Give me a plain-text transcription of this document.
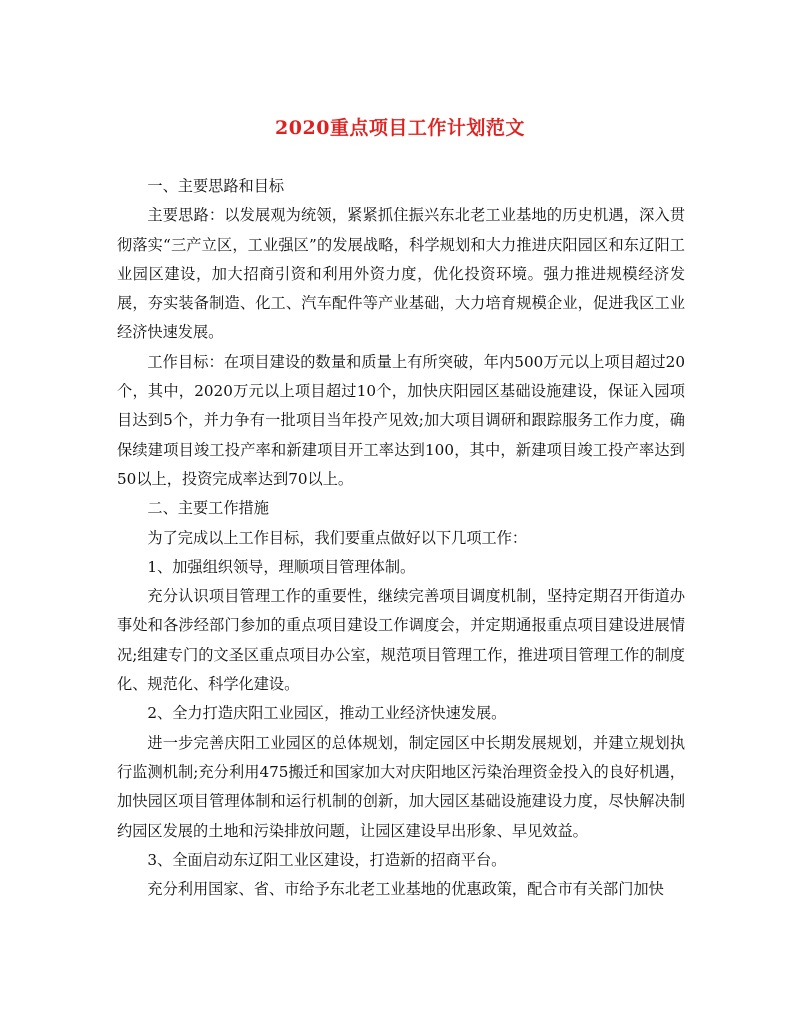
2020重点项目工作计划范文

一、主要思路和目标

主要思路：以发展观为统领，紧紧抓住振兴东北老工业基地的历史机遇，深入贯彻落实“三产立区，工业强区”的发展战略，科学规划和大力推进庆阳园区和东辽阳工业园区建设，加大招商引资和利用外资力度，优化投资环境。强力推进规模经济发展，夯实装备制造、化工、汽车配件等产业基础，大力培育规模企业，促进我区工业经济快速发展。

工作目标：在项目建设的数量和质量上有所突破，年内500万元以上项目超过20个，其中，2020万元以上项目超过10个，加快庆阳园区基础设施建设，保证入园项目达到5个，并力争有一批项目当年投产见效;加大项目调研和跟踪服务工作力度，确保续建项目竣工投产率和新建项目开工率达到100，其中，新建项目竣工投产率达到50以上，投资完成率达到70以上。

二、主要工作措施

为了完成以上工作目标，我们要重点做好以下几项工作：

1、加强组织领导，理顺项目管理体制。

充分认识项目管理工作的重要性，继续完善项目调度机制，坚持定期召开街道办事处和各涉经部门参加的重点项目建设工作调度会，并定期通报重点项目建设进展情况;组建专门的文圣区重点项目办公室，规范项目管理工作，推进项目管理工作的制度化、规范化、科学化建设。

2、全力打造庆阳工业园区，推动工业经济快速发展。

进一步完善庆阳工业园区的总体规划，制定园区中长期发展规划，并建立规划执行监测机制;充分利用475搬迁和国家加大对庆阳地区污染治理资金投入的良好机遇，加快园区项目管理体制和运行机制的创新，加大园区基础设施建设力度，尽快解决制约园区发展的土地和污染排放问题，让园区建设早出形象、早见效益。

3、全面启动东辽阳工业区建设，打造新的招商平台。

充分利用国家、省、市给予东北老工业基地的优惠政策，配合市有关部门加快
